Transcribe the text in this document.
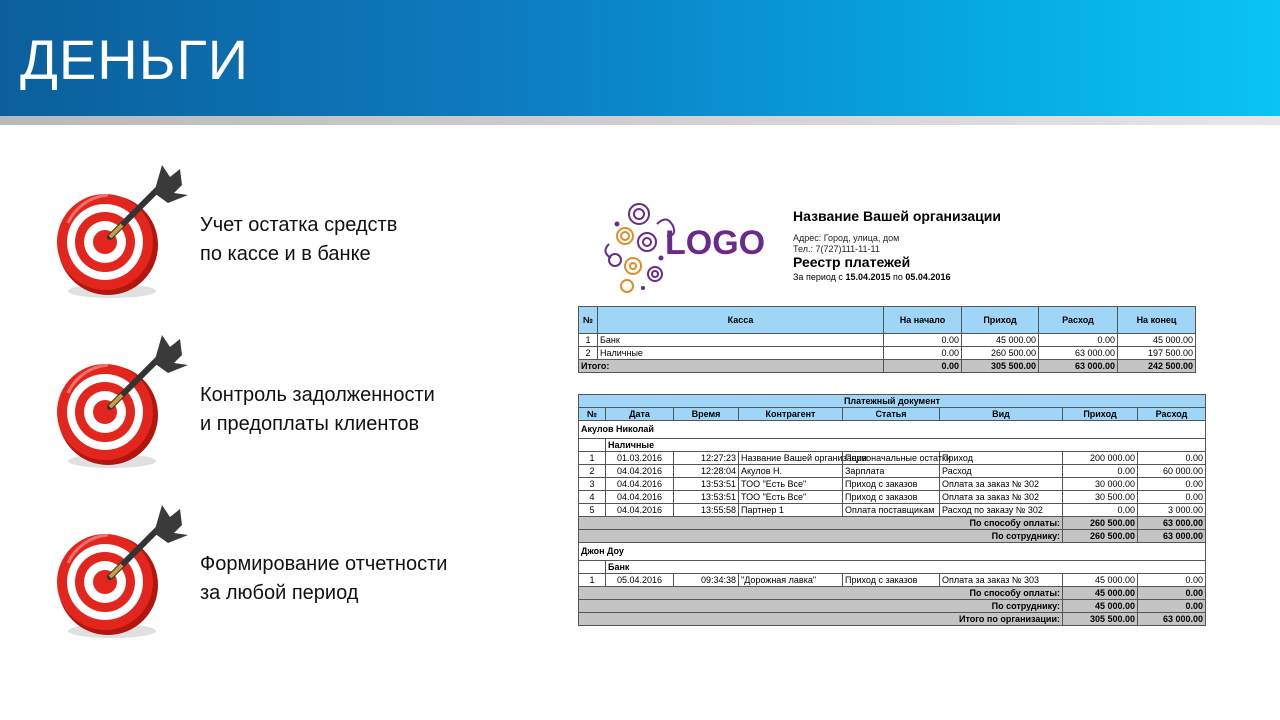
ДЕНЬГИ
Учет остатка средств
по кассе и в банке
Контроль задолженности
и предоплаты клиентов
Формирование отчетности
за любой период
LOGO
Название Вашей организации
Адрес: Город, улица, дом
Тел.: 7(727)111-11-11
Реестр платежей
За период с 15.04.2015 по 05.04.2016
№	Касса	На начало	Приход	Расход	На конец
1	Банк	0.00	45 000.00	0.00	45 000.00
2	Наличные	0.00	260 500.00	63 000.00	197 500.00
Итого:		0.00	305 500.00	63 000.00	242 500.00
Платежный документ							
№	Дата	Время	Контрагент	Статья	Вид	Приход	Расход
Акулов Николай							
	Наличные						
1	01.03.2016	12:27:23	Название Вашей организации	Первоначальные остатки	Приход	200 000.00	0.00
2	04.04.2016	12:28:04	Акулов Н.	Зарплата	Расход	0.00	60 000.00
3	04.04.2016	13:53:51	ТОО "Есть Все"	Приход с заказов	Оплата за заказ № 302	30 000.00	0.00
4	04.04.2016	13:53:51	ТОО "Есть Все"	Приход с заказов	Оплата за заказ № 302	30 500.00	0.00
5	04.04.2016	13:55:58	Партнер 1	Оплата поставщикам	Расход по заказу № 302	0.00	3 000.00
По способу оплаты:						260 500.00	63 000.00
По сотруднику:						260 500.00	63 000.00
Джон Доу							
	Банк						
1	05.04.2016	09:34:38	"Дорожная лавка"	Приход с заказов	Оплата за заказ № 303	45 000.00	0.00
По способу оплаты:						45 000.00	0.00
По сотруднику:						45 000.00	0.00
Итого по организации:						305 500.00	63 000.00
